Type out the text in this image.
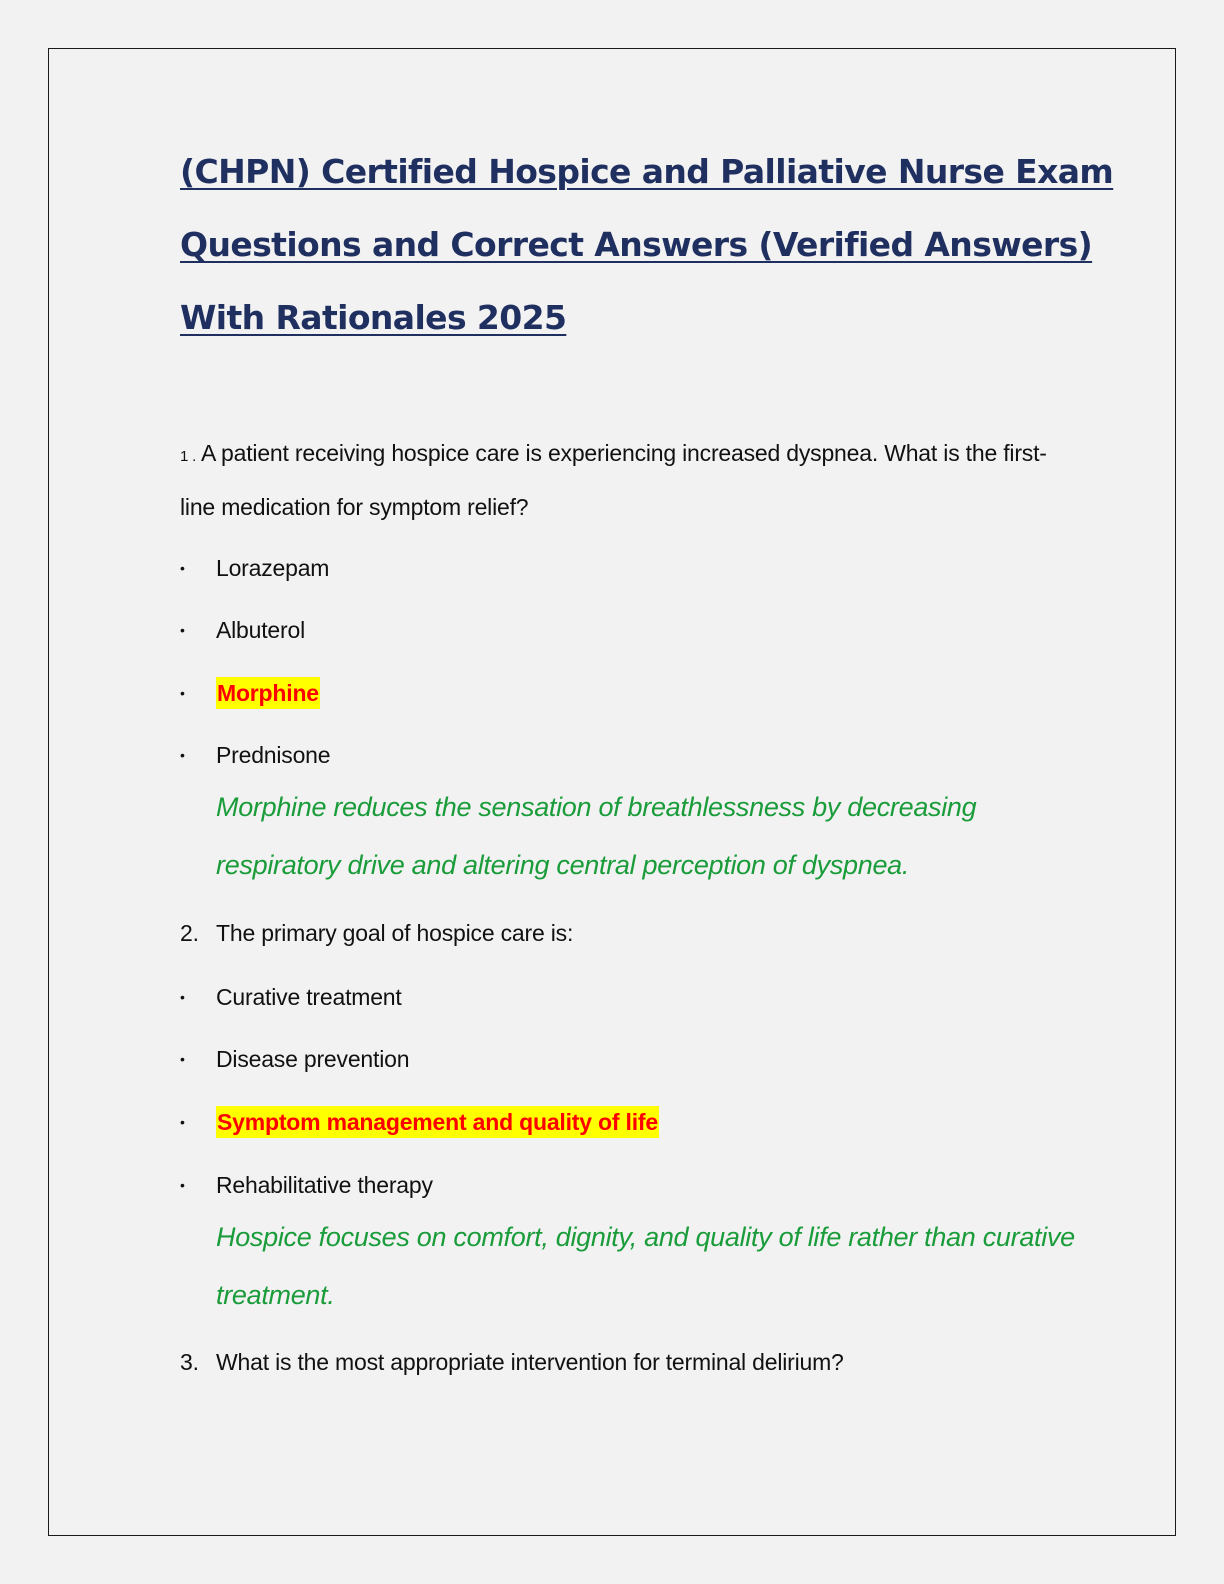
(CHPN) Certified Hospice and Palliative Nurse Exam
Questions and Correct Answers (Verified Answers)
With Rationales 2025
1 . A patient receiving hospice care is experiencing increased dyspnea. What is the first-line medication for symptom relief?
• Lorazepam
• Albuterol
• Morphine
• Prednisone
Morphine reduces the sensation of breathlessness by decreasing respiratory drive and altering central perception of dyspnea.
2. The primary goal of hospice care is:
• Curative treatment
• Disease prevention
• Symptom management and quality of life
• Rehabilitative therapy
Hospice focuses on comfort, dignity, and quality of life rather than curative treatment.
3. What is the most appropriate intervention for terminal delirium?
